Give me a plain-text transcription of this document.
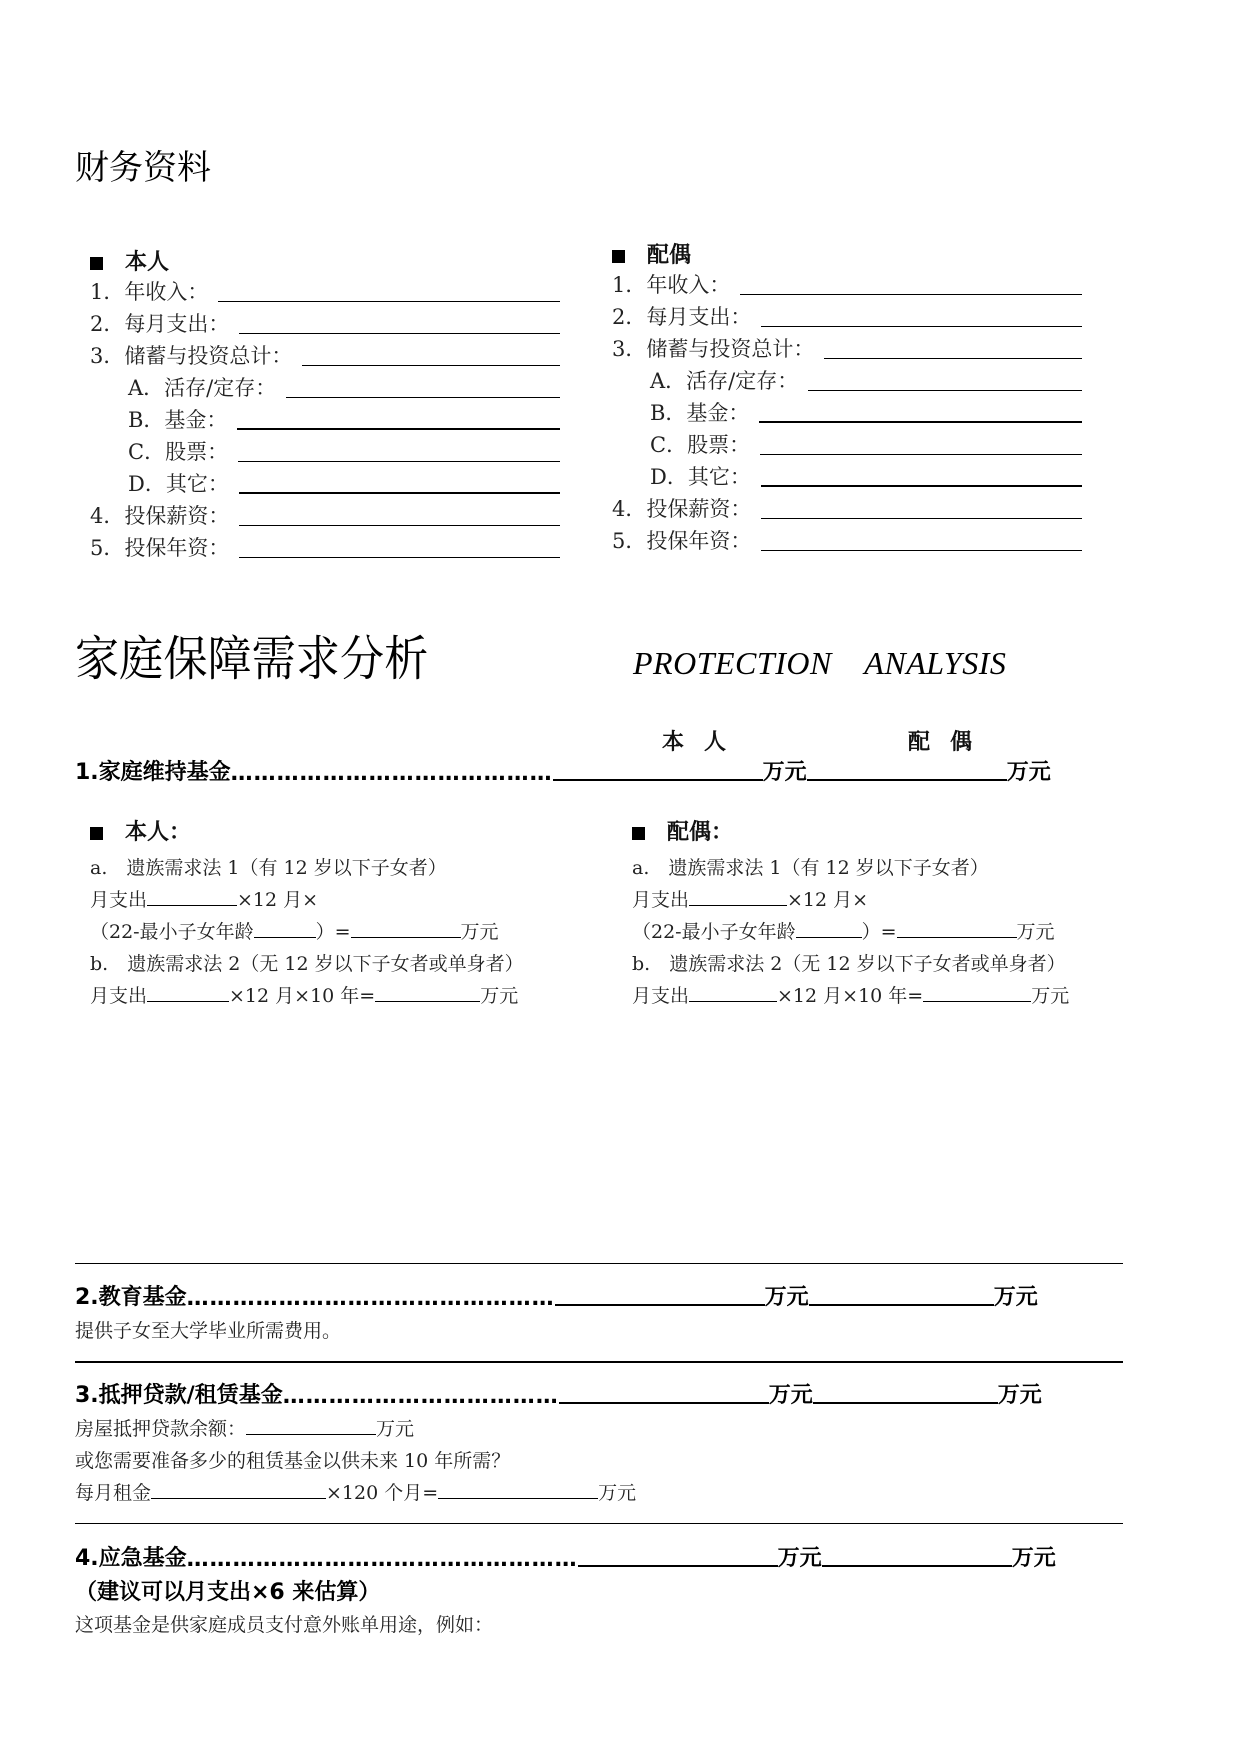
财务资料
本人
1．年收入：
2．每月支出：
3．储蓄与投资总计：
A．活存/定存：
B．基金：
C．股票：
D．其它：
4．投保薪资：
5．投保年资：
配偶
1．年收入：
2．每月支出：
3．储蓄与投资总计：
A．活存/定存：
B．基金：
C．股票：
D．其它：
4．投保薪资：
5．投保年资：
家庭保障需求分析	PROTECTION　ANALYSIS
本人	配偶
1.家庭维持基金 ……………………………………	万元	万元
本人：
a.　遗族需求法 1（有 12 岁以下子女者）
月支出	×12 月×
（22-最小子女年龄	）=	万元
b.　遗族需求法 2（无 12 岁以下子女者或单身者）
月支出	×12 月×10 年=	万元
配偶：
a.　遗族需求法 1（有 12 岁以下子女者）
月支出	×12 月×
（22-最小子女年龄	）=	万元
b.　遗族需求法 2（无 12 岁以下子女者或单身者）
月支出	×12 月×10 年=	万元
2.教育基金 …………………………………………	万元	万元
提供子女至大学毕业所需费用。
3.抵押贷款/租赁基金 ………………………………	万元	万元
房屋抵押贷款余额：	万元
或您需要准备多少的租赁基金以供未来 10 年所需？
每月租金	×120 个月=	万元
4.应急基金 ……………………………………………	万元	万元
（建议可以月支出×6 来估算）
这项基金是供家庭成员支付意外账单用途，例如：
